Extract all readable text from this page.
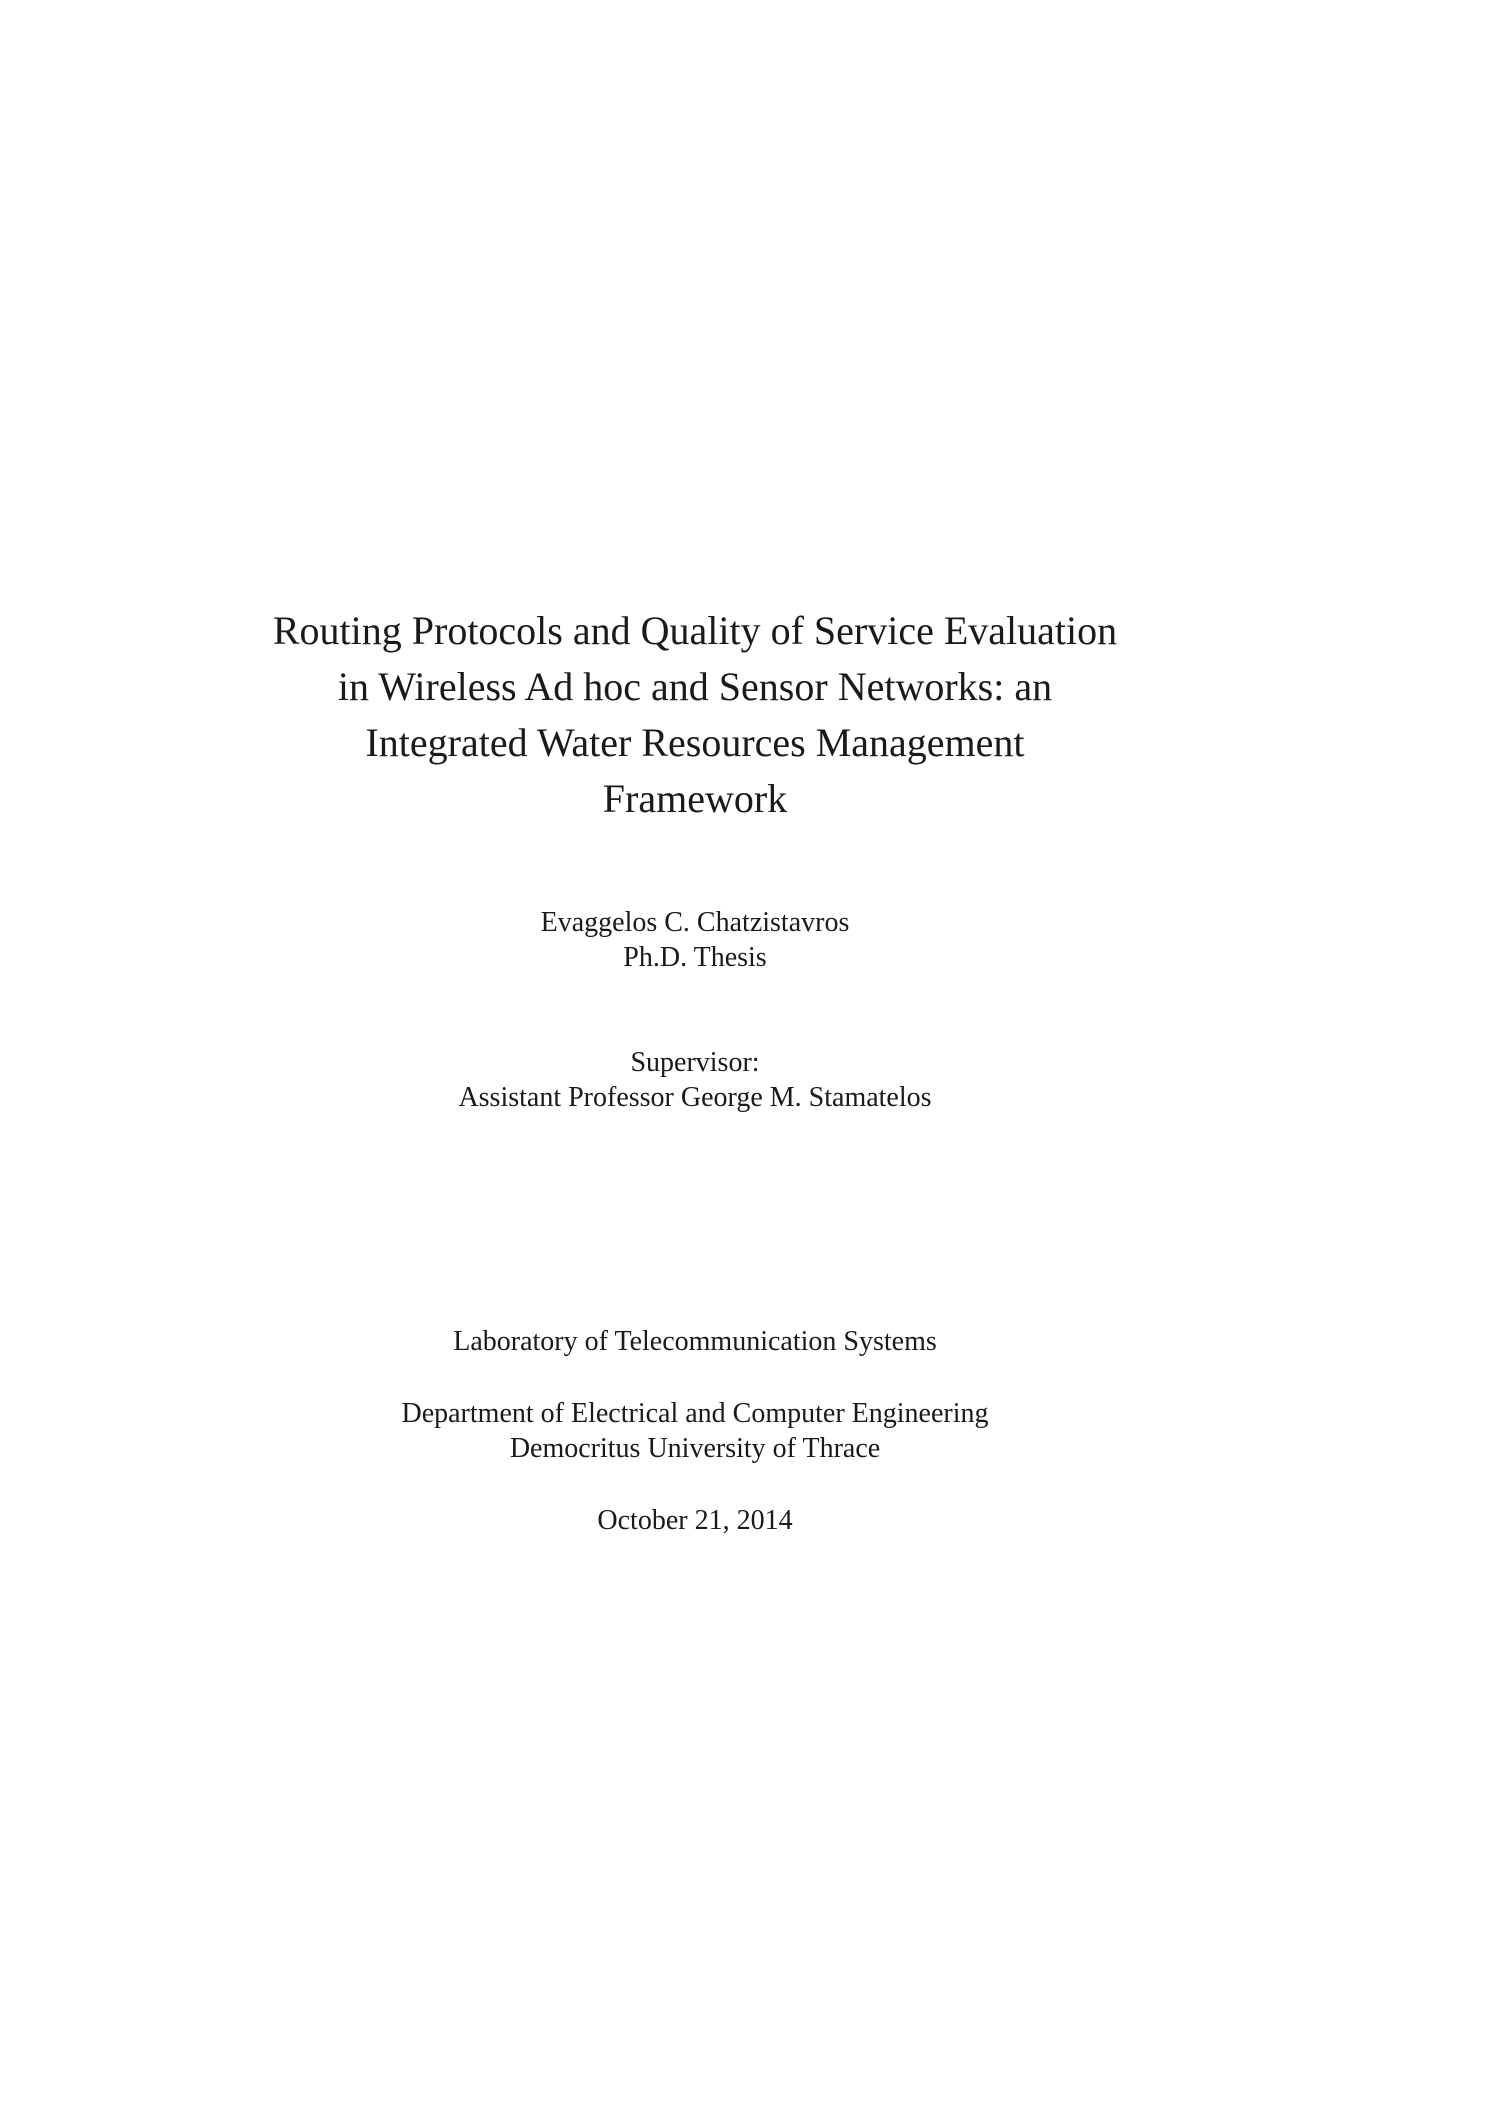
Routing Protocols and Quality of Service Evaluation
in Wireless Ad hoc and Sensor Networks: an
Integrated Water Resources Management
Framework
Evaggelos C. Chatzistavros
Ph.D. Thesis
Supervisor:
Assistant Professor George M. Stamatelos
Laboratory of Telecommunication Systems
Department of Electrical and Computer Engineering
Democritus University of Thrace
October 21, 2014
